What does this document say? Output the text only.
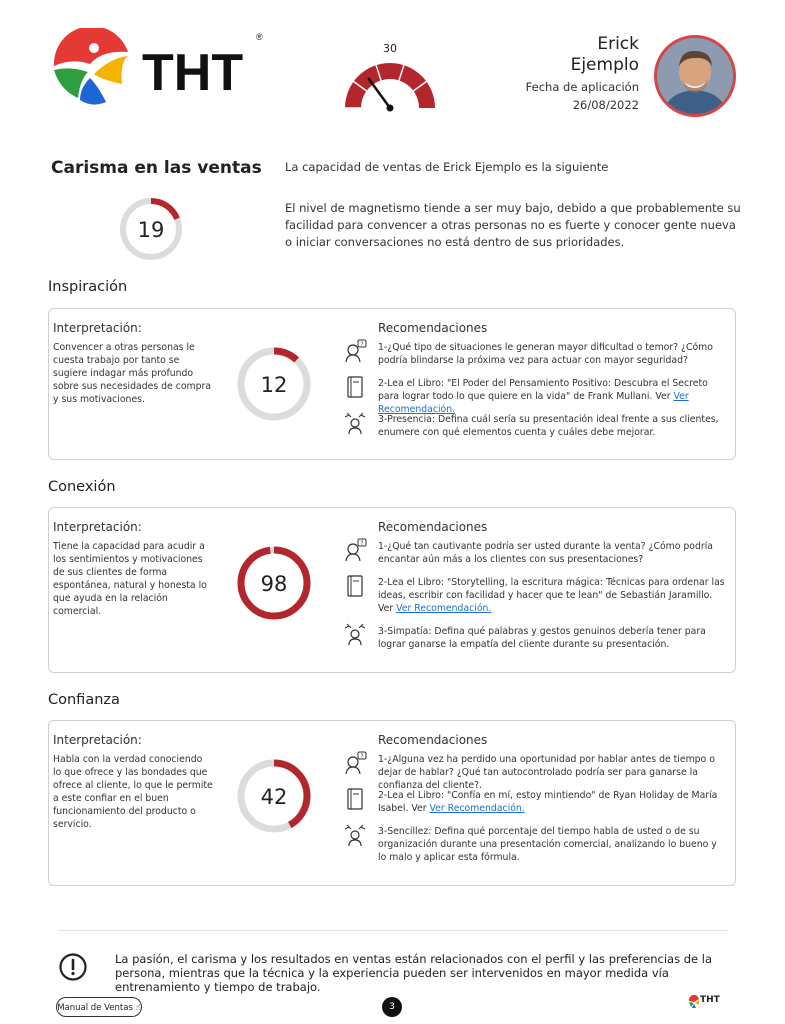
THT
®
30	Erick
Ejemplo
Fecha de aplicación
26/08/2022
Carisma en las ventas
19
La capacidad de ventas de Erick Ejemplo es la siguiente
El nivel de magnetismo tiende a ser muy bajo, debido a que probablemente su facilidad para convencer a otras personas no es fuerte y conocer gente nueva o iniciar conversaciones no está dentro de sus prioridades.
Inspiración
Interpretación:
Convencer a otras personas le cuesta trabajo por tanto se sugiere indagar más profundo sobre sus necesidades de compra y sus motivaciones.
12
Recomendaciones
? 1-¿Qué tipo de situaciones le generan mayor dificultad o temor? ¿Cómo podría blindarse la próxima vez para actuar con mayor seguridad?
2-Lea el Libro: "El Poder del Pensamiento Positivo: Descubra el Secreto para lograr todo lo que quiere en la vida" de Frank Mullani. Ver Ver Recomendación.
3-Presencia: Defina cuál sería su presentación ideal frente a sus clientes, enumere con qué elementos cuenta y cuáles debe mejorar.
Conexión
Interpretación:
Tiene la capacidad para acudir a los sentimientos y motivaciones de sus clientes de forma espontánea, natural y honesta lo que ayuda en la relación comercial.
98
Recomendaciones
? 1-¿Qué tan cautivante podría ser usted durante la venta? ¿Cómo podría encantar aún más a los clientes con sus presentaciones?
2-Lea el Libro: "Storytelling, la escritura mágica: Técnicas para ordenar las ideas, escribir con facilidad y hacer que te lean" de Sebastián Jaramillo. Ver Ver Recomendación.
3-Simpatía: Defina qué palabras y gestos genuinos debería tener para lograr ganarse la empatía del cliente durante su presentación.
Confianza
Interpretación:
Habla con la verdad conociendo lo que ofrece y las bondades que ofrece al cliente, lo que le permite a este confiar en el buen funcionamiento del producto o servicio.
42
Recomendaciones
? 1-¿Alguna vez ha perdido una oportunidad por hablar antes de tiempo o dejar de hablar? ¿Qué tan autocontrolado podría ser para ganarse la confianza del cliente?.
2-Lea el Libro: "Confía en mí, estoy mintiendo" de Ryan Holiday de María Isabel. Ver Ver Recomendación.
3-Sencillez: Defina qué porcentaje del tiempo habla de usted o de su organización durante una presentación comercial, analizando lo bueno y lo malo y aplicar esta fórmula.
La pasión, el carisma y los resultados en ventas están relacionados con el perfil y las preferencias de la persona, mientras que la técnica y la experiencia pueden ser intervenidos en mayor medida vía entrenamiento y tiempo de trabajo.
Manual de Ventas ☝	3
THT
